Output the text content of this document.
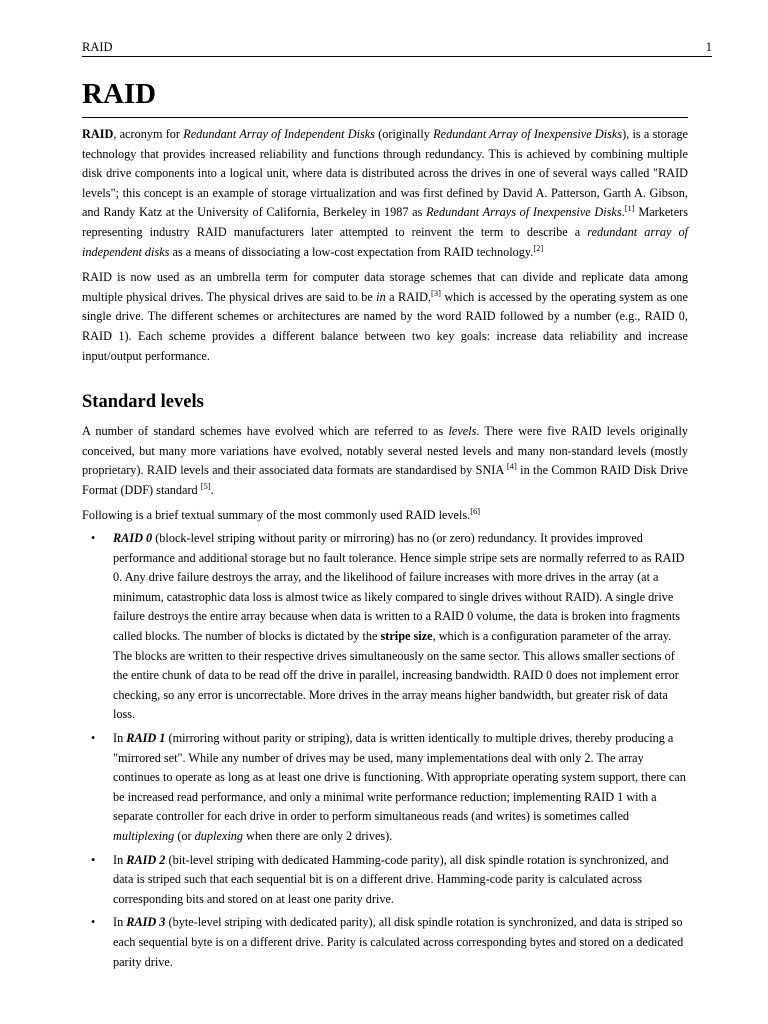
RAID	1
RAID

RAID, acronym for Redundant Array of Independent Disks (originally Redundant Array of Inexpensive Disks), is a storage technology that provides increased reliability and functions through redundancy. This is achieved by combining multiple disk drive components into a logical unit, where data is distributed across the drives in one of several ways called "RAID levels"; this concept is an example of storage virtualization and was first defined by David A. Patterson, Garth A. Gibson, and Randy Katz at the University of California, Berkeley in 1987 as Redundant Arrays of Inexpensive Disks.[1] Marketers representing industry RAID manufacturers later attempted to reinvent the term to describe a redundant array of independent disks as a means of dissociating a low-cost expectation from RAID technology.[2]

RAID is now used as an umbrella term for computer data storage schemes that can divide and replicate data among multiple physical drives. The physical drives are said to be in a RAID,[3] which is accessed by the operating system as one single drive. The different schemes or architectures are named by the word RAID followed by a number (e.g., RAID 0, RAID 1). Each scheme provides a different balance between two key goals: increase data reliability and increase input/output performance.

Standard levels

A number of standard schemes have evolved which are referred to as levels. There were five RAID levels originally conceived, but many more variations have evolved, notably several nested levels and many non-standard levels (mostly proprietary). RAID levels and their associated data formats are standardised by SNIA [4] in the Common RAID Disk Drive Format (DDF) standard [5].

Following is a brief textual summary of the most commonly used RAID levels.[6]

• RAID 0 (block-level striping without parity or mirroring) has no (or zero) redundancy. It provides improved performance and additional storage but no fault tolerance. Hence simple stripe sets are normally referred to as RAID 0. Any drive failure destroys the array, and the likelihood of failure increases with more drives in the array (at a minimum, catastrophic data loss is almost twice as likely compared to single drives without RAID). A single drive failure destroys the entire array because when data is written to a RAID 0 volume, the data is broken into fragments called blocks. The number of blocks is dictated by the stripe size, which is a configuration parameter of the array. The blocks are written to their respective drives simultaneously on the same sector. This allows smaller sections of the entire chunk of data to be read off the drive in parallel, increasing bandwidth. RAID 0 does not implement error checking, so any error is uncorrectable. More drives in the array means higher bandwidth, but greater risk of data loss.
• In RAID 1 (mirroring without parity or striping), data is written identically to multiple drives, thereby producing a "mirrored set". While any number of drives may be used, many implementations deal with only 2. The array continues to operate as long as at least one drive is functioning. With appropriate operating system support, there can be increased read performance, and only a minimal write performance reduction; implementing RAID 1 with a separate controller for each drive in order to perform simultaneous reads (and writes) is sometimes called multiplexing (or duplexing when there are only 2 drives).
• In RAID 2 (bit-level striping with dedicated Hamming-code parity), all disk spindle rotation is synchronized, and data is striped such that each sequential bit is on a different drive. Hamming-code parity is calculated across corresponding bits and stored on at least one parity drive.
• In RAID 3 (byte-level striping with dedicated parity), all disk spindle rotation is synchronized, and data is striped so each sequential byte is on a different drive. Parity is calculated across corresponding bytes and stored on a dedicated parity drive.
